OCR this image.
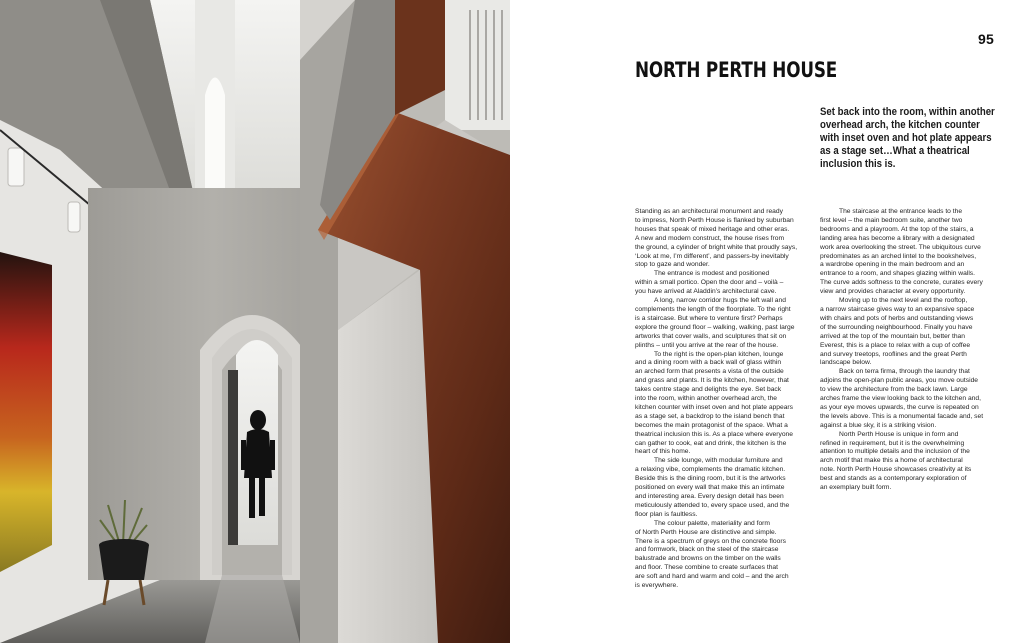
95
NORTH PERTH HOUSE

Set back into the room, within another

overhead arch, the kitchen counter

with inset oven and hot plate appears

as a stage set…What a theatrical

inclusion this is.

Standing as an architectural monument and ready

to impress, North Perth House is flanked by suburban

houses that speak of mixed heritage and other eras.

A new and modern construct, the house rises from

the ground, a cylinder of bright white that proudly says,

‘Look at me, I’m different’, and passers-by inevitably

stop to gaze and wonder.

The entrance is modest and positioned

within a small portico. Open the door and – voilà –

you have arrived at Aladdin’s architectural cave.

A long, narrow corridor hugs the left wall and

complements the length of the floorplate. To the right

is a staircase. But where to venture first? Perhaps

explore the ground floor – walking, walking, past large

artworks that cover walls, and sculptures that sit on

plinths – until you arrive at the rear of the house.

To the right is the open-plan kitchen, lounge

and a dining room with a back wall of glass within

an arched form that presents a vista of the outside

and grass and plants. It is the kitchen, however, that

takes centre stage and delights the eye. Set back

into the room, within another overhead arch, the

kitchen counter with inset oven and hot plate appears

as a stage set, a backdrop to the island bench that

becomes the main protagonist of the space. What a

theatrical inclusion this is. As a place where everyone

can gather to cook, eat and drink, the kitchen is the

heart of this home.

The side lounge, with modular furniture and

a relaxing vibe, complements the dramatic kitchen.

Beside this is the dining room, but it is the artworks

positioned on every wall that make this an intimate

and interesting area. Every design detail has been

meticulously attended to, every space used, and the

floor plan is faultless.

The colour palette, materiality and form

of North Perth House are distinctive and simple.

There is a spectrum of greys on the concrete floors

and formwork, black on the steel of the staircase

balustrade and browns on the timber on the walls

and floor. These combine to create surfaces that

are soft and hard and warm and cold – and the arch

is everywhere.

The staircase at the entrance leads to the

first level – the main bedroom suite, another two

bedrooms and a playroom. At the top of the stairs, a

landing area has become a library with a designated

work area overlooking the street. The ubiquitous curve

predominates as an arched lintel to the bookshelves,

a wardrobe opening in the main bedroom and an

entrance to a room, and shapes glazing within walls.

The curve adds softness to the concrete, curates every

view and provides character at every opportunity.

Moving up to the next level and the rooftop,

a narrow staircase gives way to an expansive space

with chairs and pots of herbs and outstanding views

of the surrounding neighbourhood. Finally you have

arrived at the top of the mountain but, better than

Everest, this is a place to relax with a cup of coffee

and survey treetops, rooflines and the great Perth

landscape below.

Back on terra firma, through the laundry that

adjoins the open-plan public areas, you move outside

to view the architecture from the back lawn. Large

arches frame the view looking back to the kitchen and,

as your eye moves upwards, the curve is repeated on

the levels above. This is a monumental facade and, set

against a blue sky, it is a striking vision.

North Perth House is unique in form and

refined in requirement, but it is the overwhelming

attention to multiple details and the inclusion of the

arch motif that make this a home of architectural

note. North Perth House showcases creativity at its

best and stands as a contemporary exploration of

an exemplary built form.
